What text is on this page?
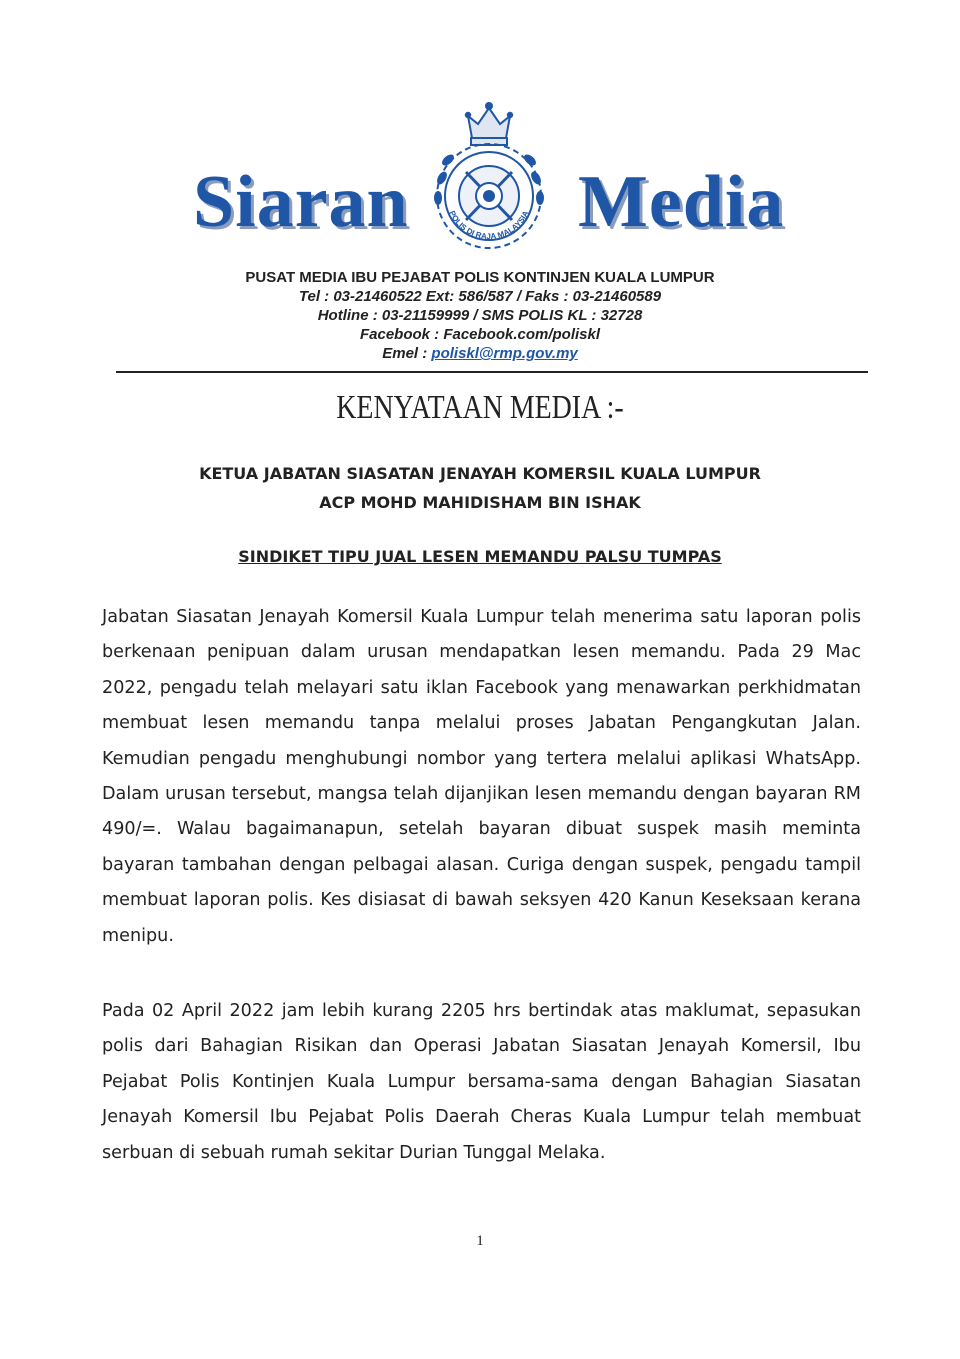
Siaran	POLIS DI RAJA MALAYSIA Media
PUSAT MEDIA IBU PEJABAT POLIS KONTINJEN KUALA LUMPUR
Tel : 03-21460522 Ext: 586/587 / Faks : 03-21460589
Hotline : 03-21159999 / SMS POLIS KL : 32728
Facebook : Facebook.com/poliskl
Emel : poliskl@rmp.gov.my
KENYATAAN MEDIA :-
KETUA JABATAN SIASATAN JENAYAH KOMERSIL KUALA LUMPUR
ACP MOHD MAHIDISHAM BIN ISHAK
SINDIKET TIPU JUAL LESEN MEMANDU PALSU TUMPAS

Jabatan Siasatan Jenayah Komersil Kuala Lumpur telah menerima satu laporan polis berkenaan penipuan dalam urusan mendapatkan lesen memandu. Pada 29 Mac 2022, pengadu telah melayari satu iklan Facebook yang menawarkan perkhidmatan membuat lesen memandu tanpa melalui proses Jabatan Pengangkutan Jalan. Kemudian pengadu menghubungi nombor yang tertera melalui aplikasi WhatsApp. Dalam urusan tersebut, mangsa telah dijanjikan lesen memandu dengan bayaran RM 490/=. Walau bagaimanapun, setelah bayaran dibuat suspek masih meminta bayaran tambahan dengan pelbagai alasan. Curiga dengan suspek, pengadu tampil membuat laporan polis. Kes disiasat di bawah seksyen 420 Kanun Keseksaan kerana menipu.

Pada 02 April 2022 jam lebih kurang 2205 hrs bertindak atas maklumat, sepasukan polis dari Bahagian Risikan dan Operasi Jabatan Siasatan Jenayah Komersil, Ibu Pejabat Polis Kontinjen Kuala Lumpur bersama-sama dengan Bahagian Siasatan Jenayah Komersil Ibu Pejabat Polis Daerah Cheras Kuala Lumpur telah membuat serbuan di sebuah rumah sekitar Durian Tunggal Melaka.

1
